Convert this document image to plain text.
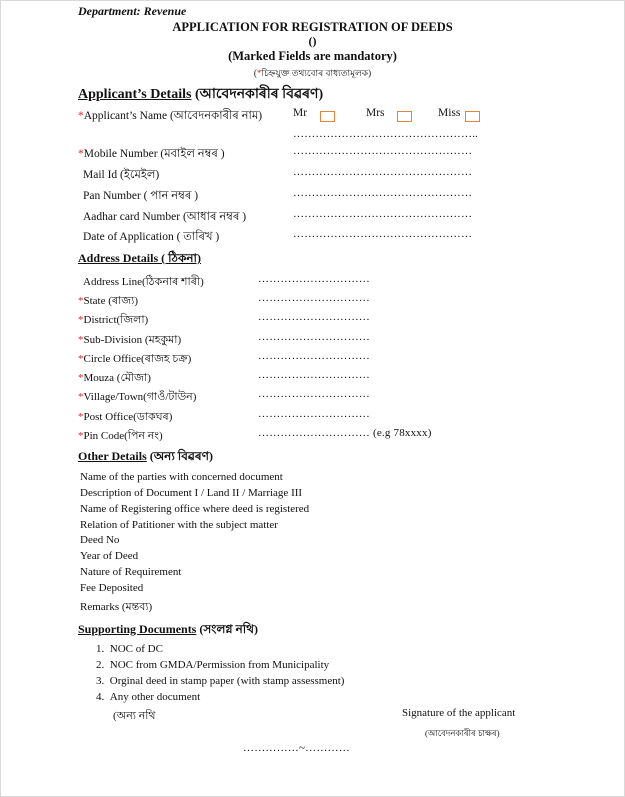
Department: Revenue
APPLICATION FOR REGISTRATION OF DEEDS
()
(Marked Fields are mandatory)
(*চিহ্নযুক্ত তথ্যবোৰ বাধ্যতামূলক)
Applicant’s Details (আবেদনকাৰীৰ বিৱৰণ)
*Applicant’s Name (আবেদনকাৰীৰ নাম)	Mr	Mrs	Miss
…………………………………………..
*Mobile Number (মবাইল নম্বৰ )	…………………………………………
Mail Id (ইমেইল)	…………………………………………
Pan Number ( পান নম্বৰ )	…………………………………………
Aadhar card Number (আধাৰ নম্বৰ )	…………………………………………
Date of Application ( তাৰিখ )	…………………………………………
Address Details ( ঠিকনা)
Address Line(ঠিকনাৰ শাৰী)	…………………………
*State (ৰাজ্য)	…………………………
*District(জিলা)	…………………………
*Sub-Division (মহকুমা)	…………………………
*Circle Office(ৰাজহ চক্ৰ)	…………………………
*Mouza (মৌজা)	…………………………
*Village/Town(গাওঁ/টাউন)	…………………………
*Post Office(ডাকঘৰ)	…………………………
*Pin Code(পিন নং)	………………………… (e.g 78xxxx)
Other Details (অন্য বিৱৰণ)
Name of the parties with concerned document
Description of Document I / Land II / Marriage III
Name of Registering office where deed is registered
Relation of Patitioner with the subject matter
Deed No
Year of Deed
Nature of Requirement
Fee Deposited
Remarks (মন্তব্য)
Supporting Documents (সংলগ্ন নথি)
1. NOC of DC
2. NOC from GMDA/Permission from Municipality
3. Orginal deed in stamp paper (with stamp assessment)
4. Any other document
(অন্য নথি	Signature of the applicant
(আবেদনকাৰীৰ চাক্ষৰ)
……………~…………
